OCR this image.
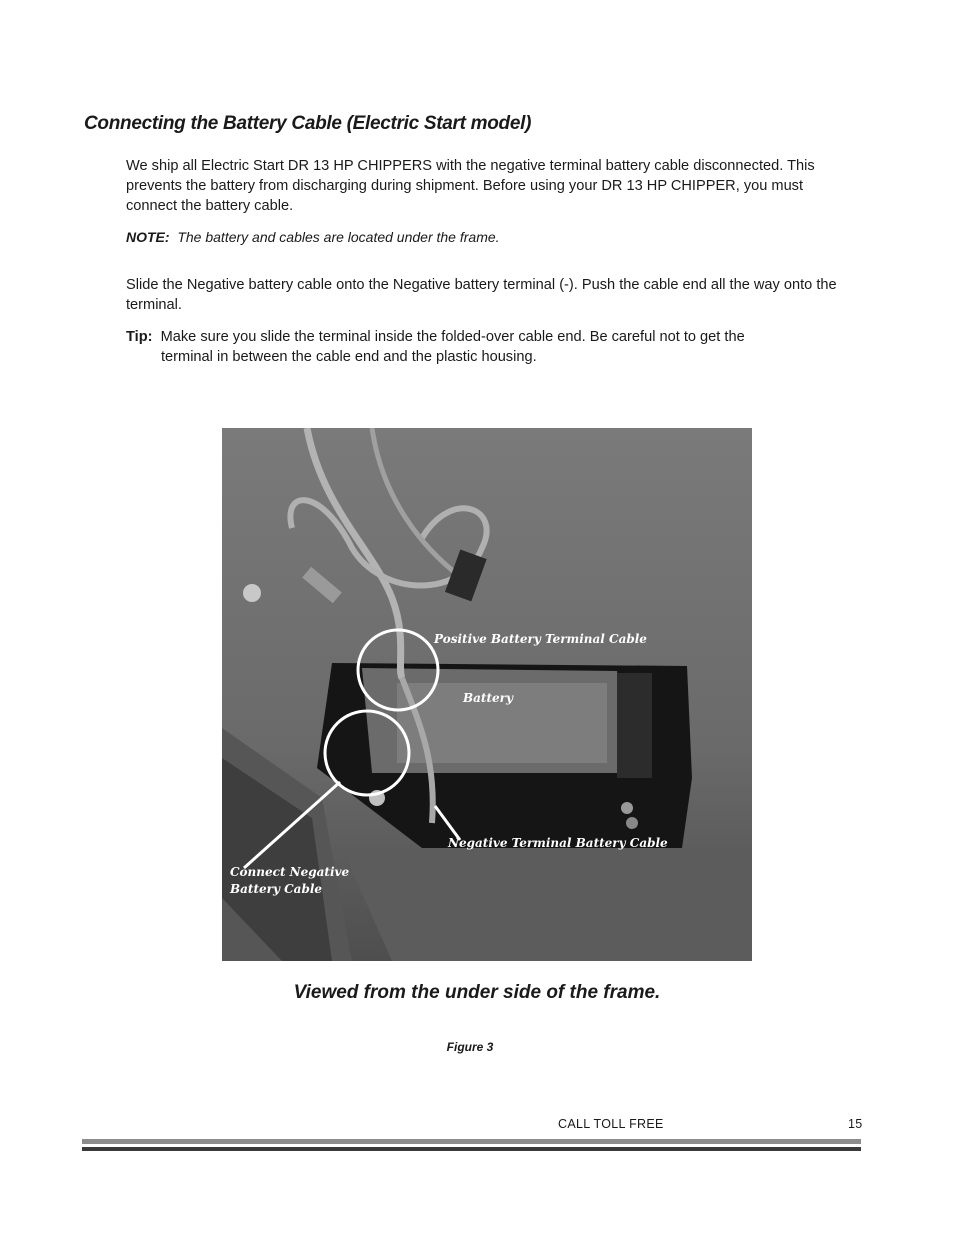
Connecting the Battery Cable (Electric Start model)

We ship all Electric Start DR 13 HP CHIPPERS with the negative terminal battery cable disconnected. This prevents the battery from discharging during shipment. Before using your DR 13 HP CHIPPER, you must connect the battery cable.

NOTE: The battery and cables are located under the frame.

Slide the Negative battery cable onto the Negative battery terminal (-). Push the cable end all the way onto the terminal.

Tip: Make sure you slide the terminal inside the folded-over cable end. Be careful not to get the
terminal in between the cable end and the plastic housing.

Positive Battery Terminal Cable
Battery
Negative Terminal Battery Cable
Connect Negative
Battery Cable

Viewed from the under side of the frame.

Figure 3
CALL TOLL FREE	15
